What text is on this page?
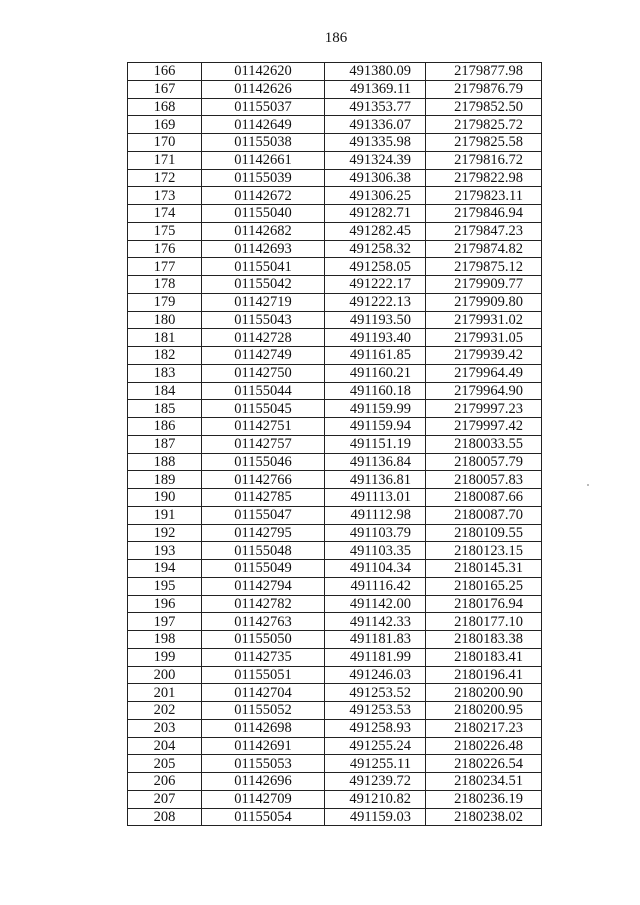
186
166	01142620	491380.09	2179877.98
167	01142626	491369.11	2179876.79
168	01155037	491353.77	2179852.50
169	01142649	491336.07	2179825.72
170	01155038	491335.98	2179825.58
171	01142661	491324.39	2179816.72
172	01155039	491306.38	2179822.98
173	01142672	491306.25	2179823.11
174	01155040	491282.71	2179846.94
175	01142682	491282.45	2179847.23
176	01142693	491258.32	2179874.82
177	01155041	491258.05	2179875.12
178	01155042	491222.17	2179909.77
179	01142719	491222.13	2179909.80
180	01155043	491193.50	2179931.02
181	01142728	491193.40	2179931.05
182	01142749	491161.85	2179939.42
183	01142750	491160.21	2179964.49
184	01155044	491160.18	2179964.90
185	01155045	491159.99	2179997.23
186	01142751	491159.94	2179997.42
187	01142757	491151.19	2180033.55
188	01155046	491136.84	2180057.79
189	01142766	491136.81	2180057.83
190	01142785	491113.01	2180087.66
191	01155047	491112.98	2180087.70
192	01142795	491103.79	2180109.55
193	01155048	491103.35	2180123.15
194	01155049	491104.34	2180145.31
195	01142794	491116.42	2180165.25
196	01142782	491142.00	2180176.94
197	01142763	491142.33	2180177.10
198	01155050	491181.83	2180183.38
199	01142735	491181.99	2180183.41
200	01155051	491246.03	2180196.41
201	01142704	491253.52	2180200.90
202	01155052	491253.53	2180200.95
203	01142698	491258.93	2180217.23
204	01142691	491255.24	2180226.48
205	01155053	491255.11	2180226.54
206	01142696	491239.72	2180234.51
207	01142709	491210.82	2180236.19
208	01155054	491159.03	2180238.02
